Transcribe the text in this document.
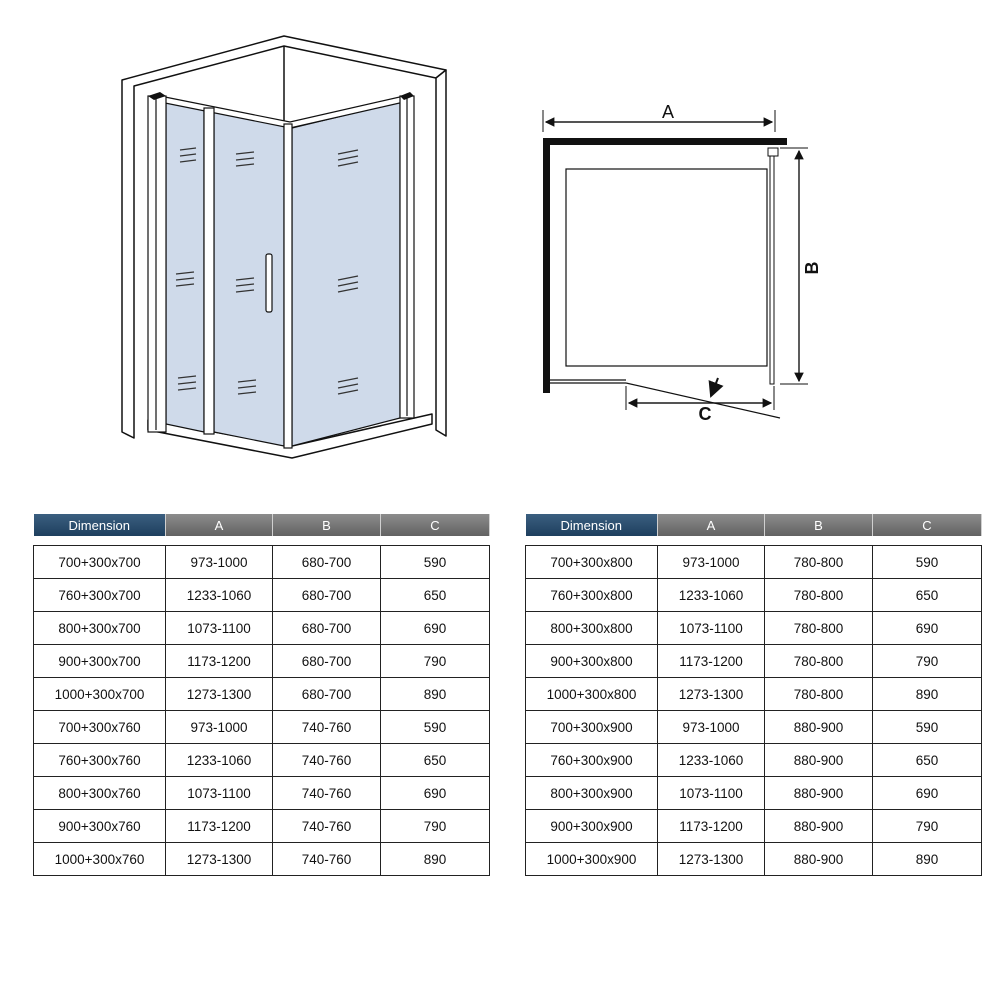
A
B
C
Dimension	A	B	C

700+300x700	973-1000	680-700	590
760+300x700	1233-1060	680-700	650
800+300x700	1073-1100	680-700	690
900+300x700	1173-1200	680-700	790
1000+300x700	1273-1300	680-700	890
700+300x760	973-1000	740-760	590
760+300x760	1233-1060	740-760	650
800+300x760	1073-1100	740-760	690
900+300x760	1173-1200	740-760	790
1000+300x760	1273-1300	740-760	890
Dimension	A	B	C

700+300x800	973-1000	780-800	590
760+300x800	1233-1060	780-800	650
800+300x800	1073-1100	780-800	690
900+300x800	1173-1200	780-800	790
1000+300x800	1273-1300	780-800	890
700+300x900	973-1000	880-900	590
760+300x900	1233-1060	880-900	650
800+300x900	1073-1100	880-900	690
900+300x900	1173-1200	880-900	790
1000+300x900	1273-1300	880-900	890
